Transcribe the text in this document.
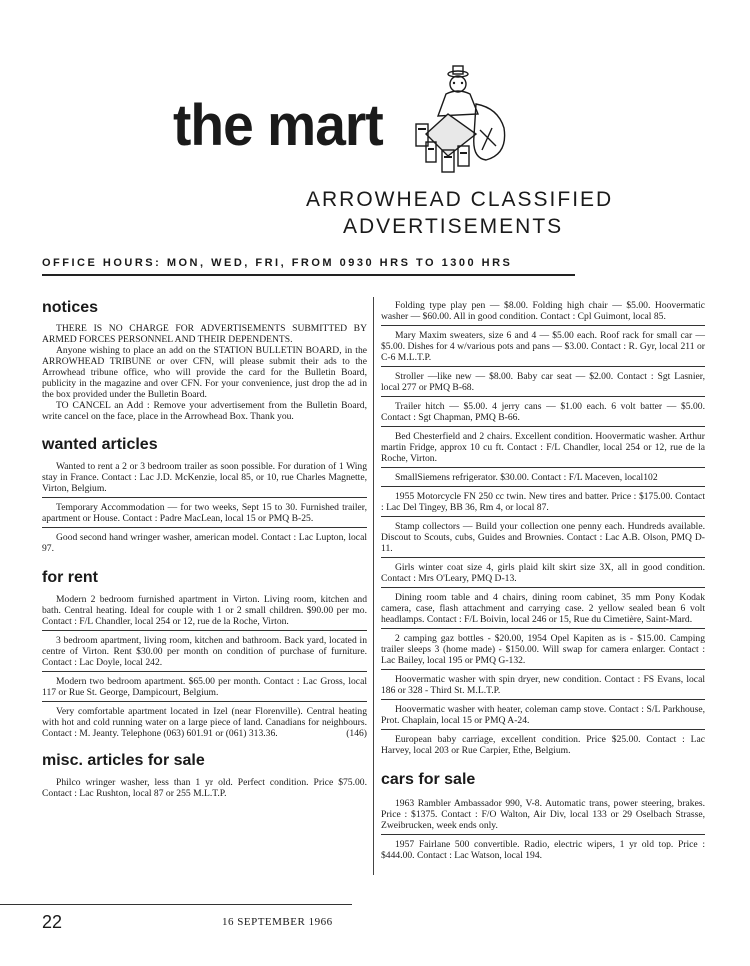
the mart
ARROWHEAD CLASSIFIED
ADVERTISEMENTS
OFFICE HOURS: MON, WED, FRI, FROM 0930 HRS TO 1300 HRS
notices

THERE IS NO CHARGE FOR ADVERTISEMENTS SUBMITTED BY ARMED FORCES PERSONNEL AND THEIR DEPENDENTS.

Anyone wishing to place an add on the STATION BULLETIN BOARD, in the ARROWHEAD TRIBUNE or over CFN, will please submit their ads to the Arrowhead tribune office, who will provide the card for the Bulletin Board, publicity in the magazine and over CFN. For your convenience, just drop the ad in the box provided under the Bulletin Board.

TO CANCEL an Add : Remove your advertisement from the Bulletin Board, write cancel on the face, place in the Arrowhead Box. Thank you.

wanted articles

Wanted to rent a 2 or 3 bedroom trailer as soon possible. For duration of 1 Wing stay in France. Contact : Lac J.D. McKenzie, local 85, or 10, rue Charles Magnette, Virton, Belgium.

Temporary Accommodation — for two weeks, Sept 15 to 30. Furnished trailer, apartment or House. Contact : Padre MacLean, local 15 or PMQ B-25.

Good second hand wringer washer, american model. Contact : Lac Lupton, local 97.

for rent

Modern 2 bedroom furnished apartment in Virton. Living room, kitchen and bath. Central heating. Ideal for couple with 1 or 2 small children. $90.00 per mo. Contact : F/L Chandler, local 254 or 12, rue de la Roche, Virton.

3 bedroom apartment, living room, kitchen and bathroom. Back yard, located in centre of Virton. Rent $30.00 per month on condition of purchase of furniture. Contact : Lac Doyle, local 242.

Modern two bedroom apartment. $65.00 per month. Contact : Lac Gross, local 117 or Rue St. George, Dampicourt, Belgium.

Very comfortable apartment located in Izel (near Florenville). Central heating with hot and cold running water on a large piece of land. Canadians for neighbours. Contact : M. Jeanty. Telephone (063) 601.91 or (061) 313.36.	(146)

misc. articles for sale

Philco wringer washer, less than 1 yr old. Perfect condition. Price $75.00. Contact : Lac Rushton, local 87 or 255 M.L.T.P.

Folding type play pen — $8.00. Folding high chair — $5.00. Hoovermatic washer — $60.00. All in good condition. Contact : Cpl Guimont, local 85.

Mary Maxim sweaters, size 6 and 4 — $5.00 each. Roof rack for small car — $5.00. Dishes for 4 w/various pots and pans — $3.00. Contact : R. Gyr, local 211 or C-6 M.L.T.P.

Stroller —like new — $8.00. Baby car seat — $2.00. Contact : Sgt Lasnier, local 277 or PMQ B-68.

Trailer hitch — $5.00. 4 jerry cans — $1.00 each. 6 volt batter — $5.00. Contact : Sgt Chapman, PMQ B-66.

Bed Chesterfield and 2 chairs. Excellent condition. Hoovermatic washer. Arthur martin Fridge, approx 10 cu ft. Contact : F/L Chandler, local 254 or 12, rue de la Roche, Virton.

SmallSiemens refrigerator. $30.00. Contact : F/L Maceven, local102

1955 Motorcycle FN 250 cc twin. New tires and batter. Price : $175.00. Contact : Lac Del Tingey, BB 36, Rm 4, or local 87.

Stamp collectors — Build your collection one penny each. Hundreds available. Discout to Scouts, cubs, Guides and Brownies. Contact : Lac A.B. Olson, PMQ D-11.

Girls winter coat size 4, girls plaid kilt skirt size 3X, all in good condition. Contact : Mrs O'Leary, PMQ D-13.

Dining room table and 4 chairs, dining room cabinet, 35 mm Pony Kodak camera, case, flash attachment and carrying case. 2 yellow sealed bean 6 volt headlamps. Contact : F/L Boivin, local 246 or 15, Rue du Cimetière, Saint-Mard.

2 camping gaz bottles - $20.00, 1954 Opel Kapiten as is - $15.00. Camping trailer sleeps 3 (home made) - $150.00. Will swap for camera enlarger. Contact : Lac Bailey, local 195 or PMQ G-132.

Hoovermatic washer with spin dryer, new condition. Contact : FS Evans, local 186 or 328 - Third St. M.L.T.P.

Hoovermatic washer with heater, coleman camp stove. Contact : S/L Parkhouse, Prot. Chaplain, local 15 or PMQ A-24.

European baby carriage, excellent condition. Price $25.00. Contact : Lac Harvey, local 203 or Rue Carpier, Ethe, Belgium.

cars for sale

1963 Rambler Ambassador 990, V-8. Automatic trans, power steering, brakes. Price : $1375. Contact : F/O Walton, Air Div, local 133 or 29 Oselbach Strasse, Zweibrucken, week ends only.

1957 Fairlane 500 convertible. Radio, electric wipers, 1 yr old top. Price : $444.00. Contact : Lac Watson, local 194.

22	16 SEPTEMBER 1966
